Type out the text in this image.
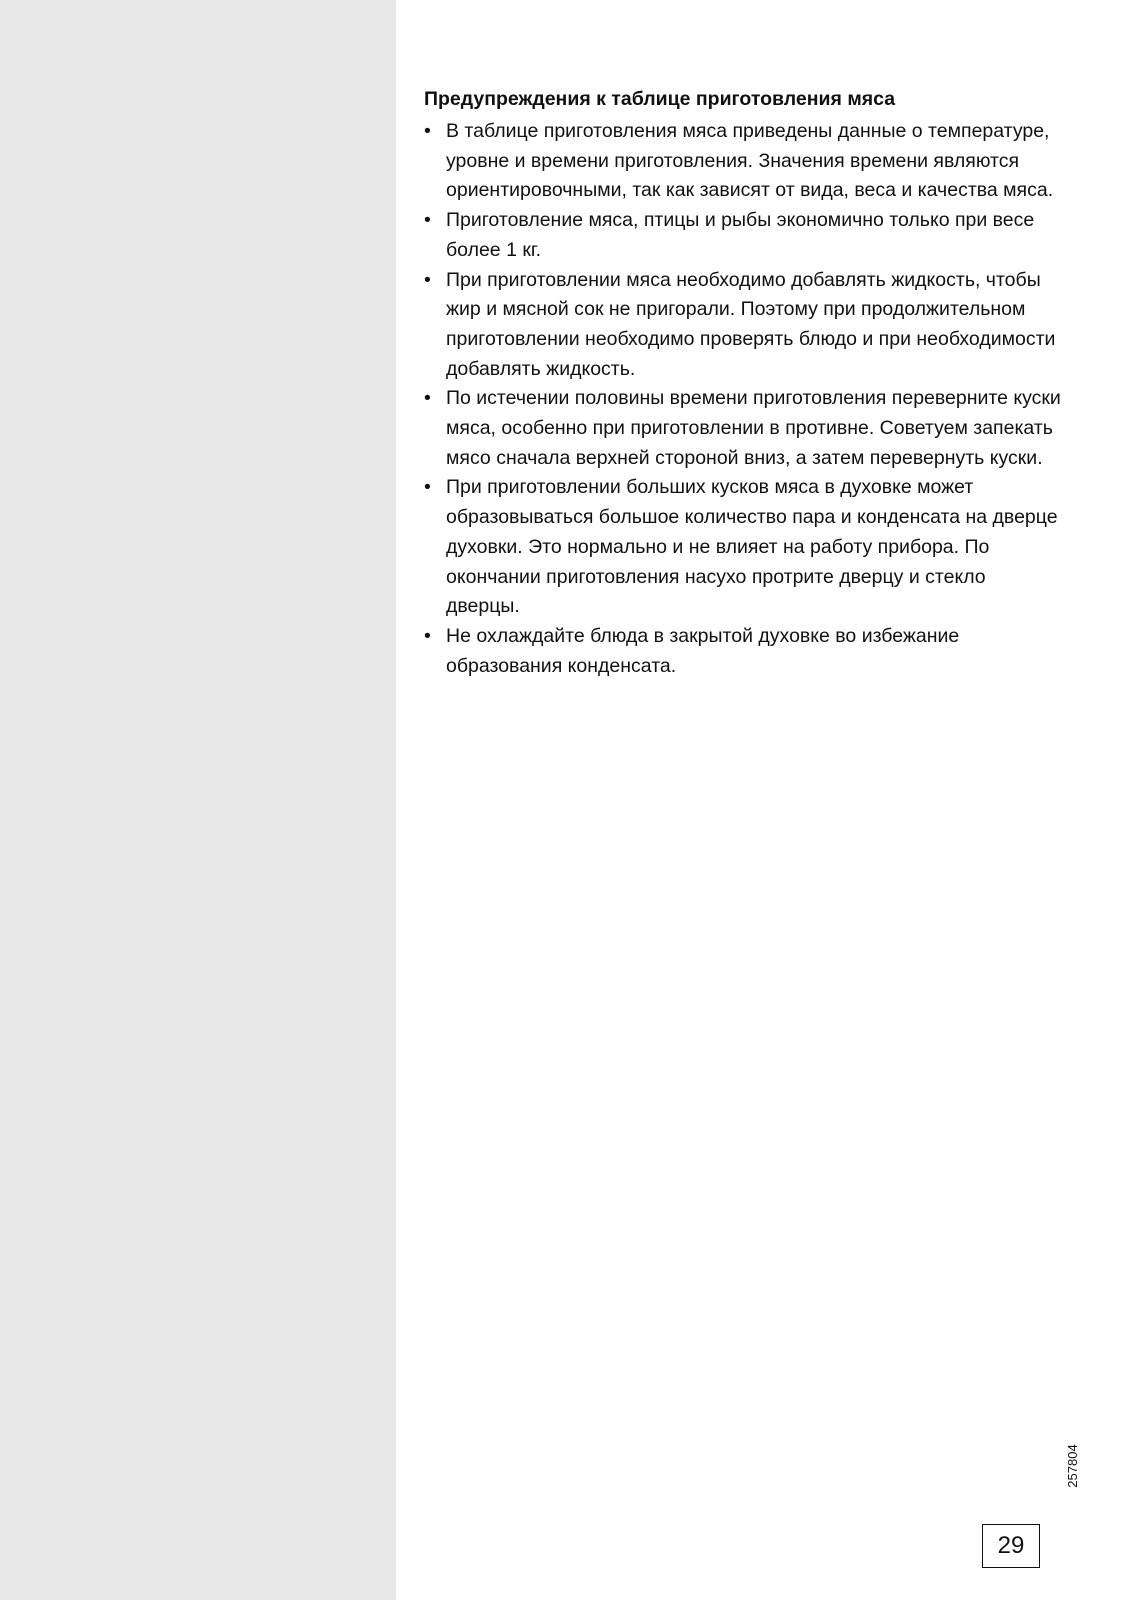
Предупреждения к таблице приготовления мяса
• В таблице приготовления мяса приведены данные о температуре, уровне и времени приготовления. Значения времени являются ориентировочными, так как зависят от вида, веса и качества мяса.
• Приготовление мяса, птицы и рыбы экономично только при весе более 1 кг.
• При приготовлении мяса необходимо добавлять жидкость, чтобы жир и мясной сок не пригорали. Поэтому при продолжительном приготовлении необходимо проверять блюдо и при необходимости добавлять жидкость.
• По истечении половины времени приготовления переверните куски мяса, особенно при приготовлении в противне. Советуем запекать мясо сначала верхней стороной вниз, а затем перевернуть куски.
• При приготовлении больших кусков мяса в духовке может образовываться большое количество пара и конденсата на дверце духовки. Это нормально и не влияет на работу прибора. По окончании приготовления насухо протрите дверцу и стекло дверцы.
• Не охлаждайте блюда в закрытой духовке во избежание образования конденсата.
257804
29
